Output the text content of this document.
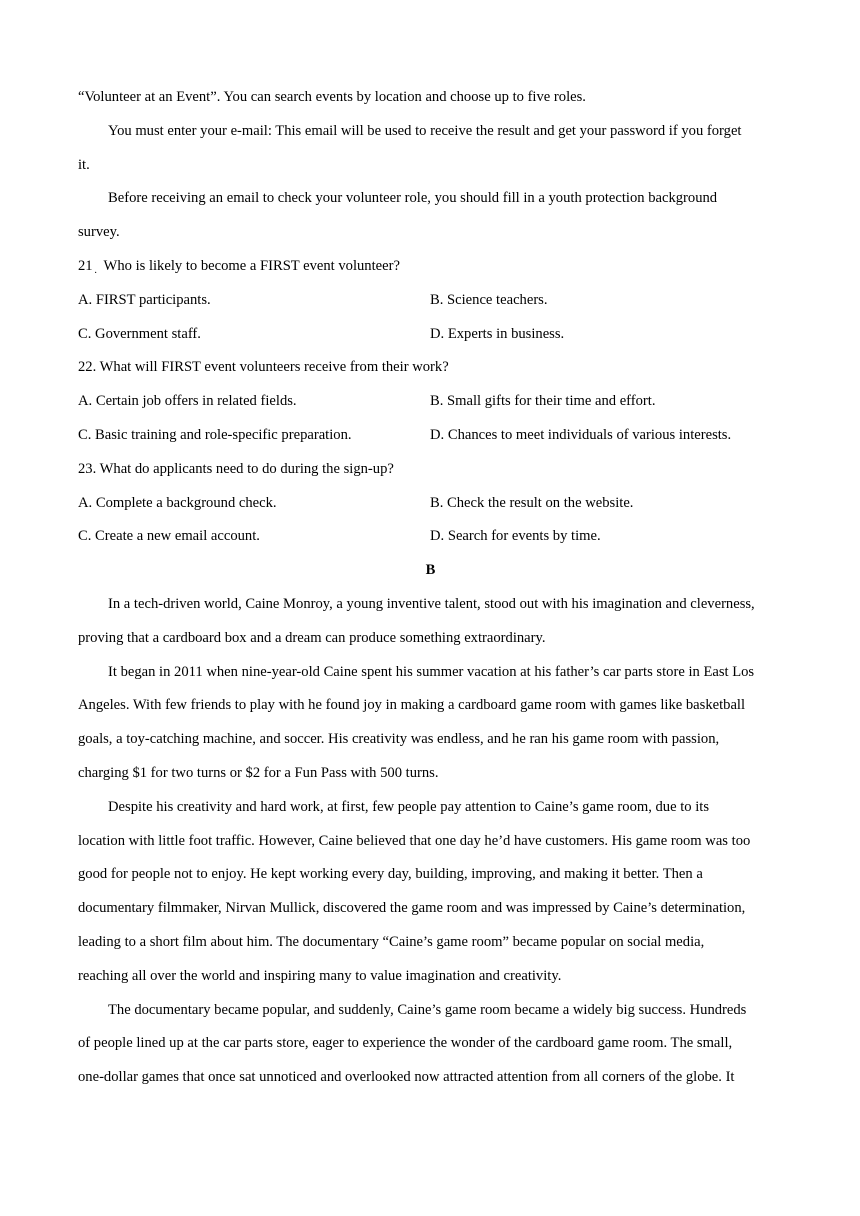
“Volunteer at an Event”. You can search events by location and choose up to five roles.
You must enter your e-mail: This email will be used to receive the result and get your password if you forget
it.
Before receiving an email to check your volunteer role, you should fill in a youth protection background
survey.
21 · Who is likely to become a FIRST event volunteer?
A. FIRST participants.	B. Science teachers.
C. Government staff.	D. Experts in business.
22. What will FIRST event volunteers receive from their work?
A. Certain job offers in related fields.	B. Small gifts for their time and effort.
C. Basic training and role-specific preparation.	D. Chances to meet individuals of various interests.
23. What do applicants need to do during the sign-up?
A. Complete a background check.	B. Check the result on the website.
C. Create a new email account.	D. Search for events by time.
B
In a tech-driven world, Caine Monroy, a young inventive talent, stood out with his imagination and cleverness,
proving that a cardboard box and a dream can produce something extraordinary.
It began in 2011 when nine-year-old Caine spent his summer vacation at his father’s car parts store in East Los
Angeles. With few friends to play with he found joy in making a cardboard game room with games like basketball
goals, a toy-catching machine, and soccer. His creativity was endless, and he ran his game room with passion,
charging $1 for two turns or $2 for a Fun Pass with 500 turns.
Despite his creativity and hard work, at first, few people pay attention to Caine’s game room, due to its
location with little foot traffic. However, Caine believed that one day he’d have customers. His game room was too
good for people not to enjoy. He kept working every day, building, improving, and making it better. Then a
documentary filmmaker, Nirvan Mullick, discovered the game room and was impressed by Caine’s determination,
leading to a short film about him. The documentary “Caine’s game room” became popular on social media,
reaching all over the world and inspiring many to value imagination and creativity.
The documentary became popular, and suddenly, Caine’s game room became a widely big success. Hundreds
of people lined up at the car parts store, eager to experience the wonder of the cardboard game room. The small,
one-dollar games that once sat unnoticed and overlooked now attracted attention from all corners of the globe. It
